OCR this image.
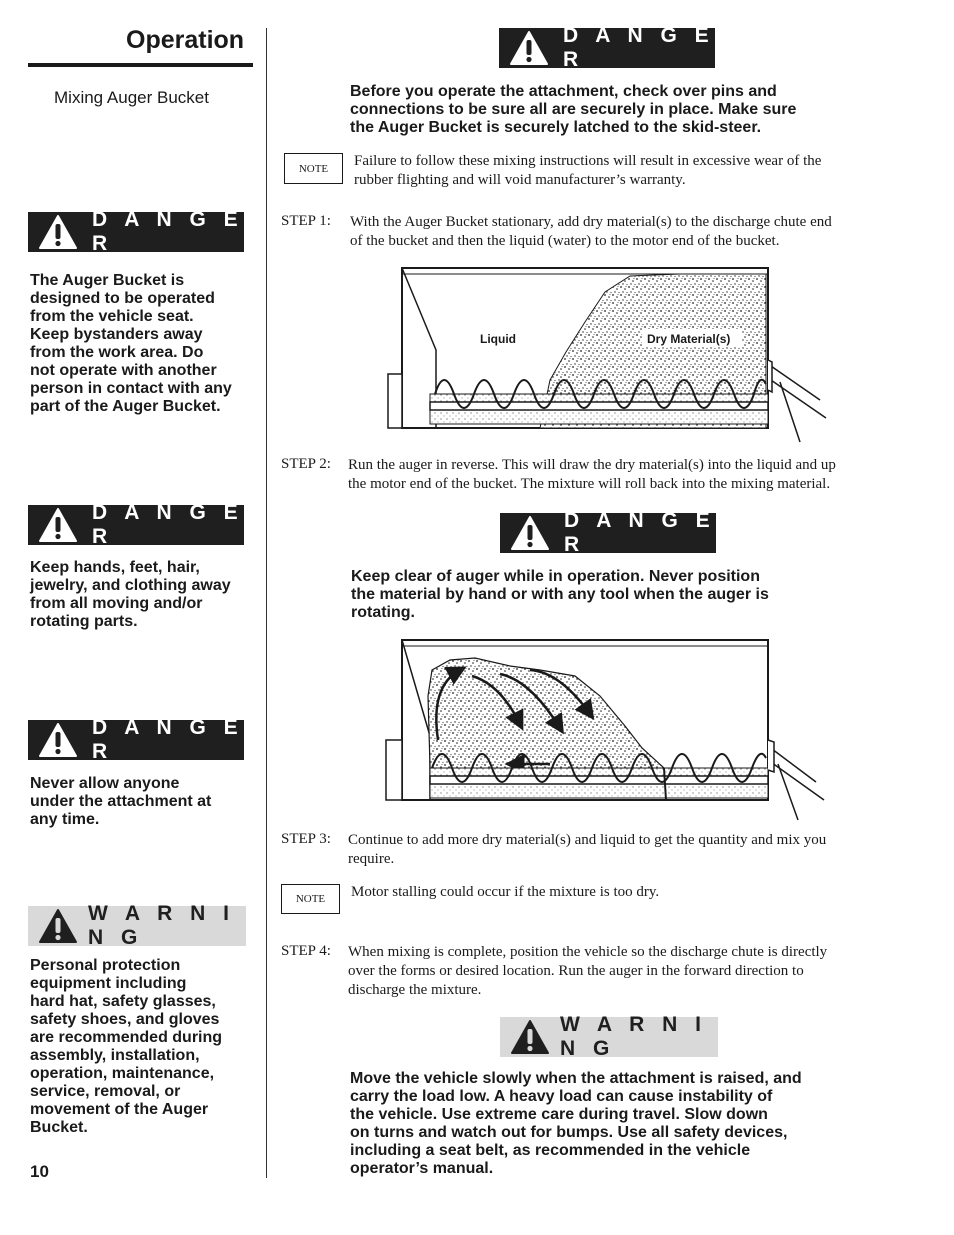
Operation
Mixing Auger Bucket
D A N G E R
The Auger Bucket is
designed to be operated
from the vehicle seat.
Keep bystanders away
from the work area. Do
not operate with another
person in contact with any
part of the Auger Bucket.
D A N G E R
Keep hands, feet, hair,
jewelry, and clothing away
from all moving and/or
rotating parts.
D A N G E R
Never allow anyone
under the attachment at
any time.
W A R N I N G
Personal protection
equipment including
hard hat, safety glasses,
safety shoes, and gloves
are recommended during
assembly, installation,
operation, maintenance,
service, removal, or
movement of the Auger
Bucket.
10
D A N G E R
Before you operate the attachment, check over pins and
connections to be sure all are securely in place. Make sure
the Auger Bucket is securely latched to the skid-steer.
NOTE	Failure to follow these mixing instructions will result in excessive wear of the
rubber flighting and will void manufacturer’s warranty.
STEP 1: With the Auger Bucket stationary, add dry material(s) to the discharge chute end
of the bucket and then the liquid (water) to the motor end of the bucket.
Liquid	Dry Material(s)
STEP 2: Run the auger in reverse. This will draw the dry material(s) into the liquid and up
the motor end of the bucket. The mixture will roll back into the mixing material.
D A N G E R
Keep clear of auger while in operation. Never position
the material by hand or with any tool when the auger is
rotating.
STEP 3: Continue to add more dry material(s) and liquid to get the quantity and mix you
require.
NOTE	Motor stalling could occur if the mixture is too dry.
STEP 4: When mixing is complete, position the vehicle so the discharge chute is directly
over the forms or desired location. Run the auger in the forward direction to
discharge the mixture.
W A R N I N G
Move the vehicle slowly when the attachment is raised, and
carry the load low. A heavy load can cause instability of
the vehicle. Use extreme care during travel. Slow down
on turns and watch out for bumps. Use all safety devices,
including a seat belt, as recommended in the vehicle
operator’s manual.
